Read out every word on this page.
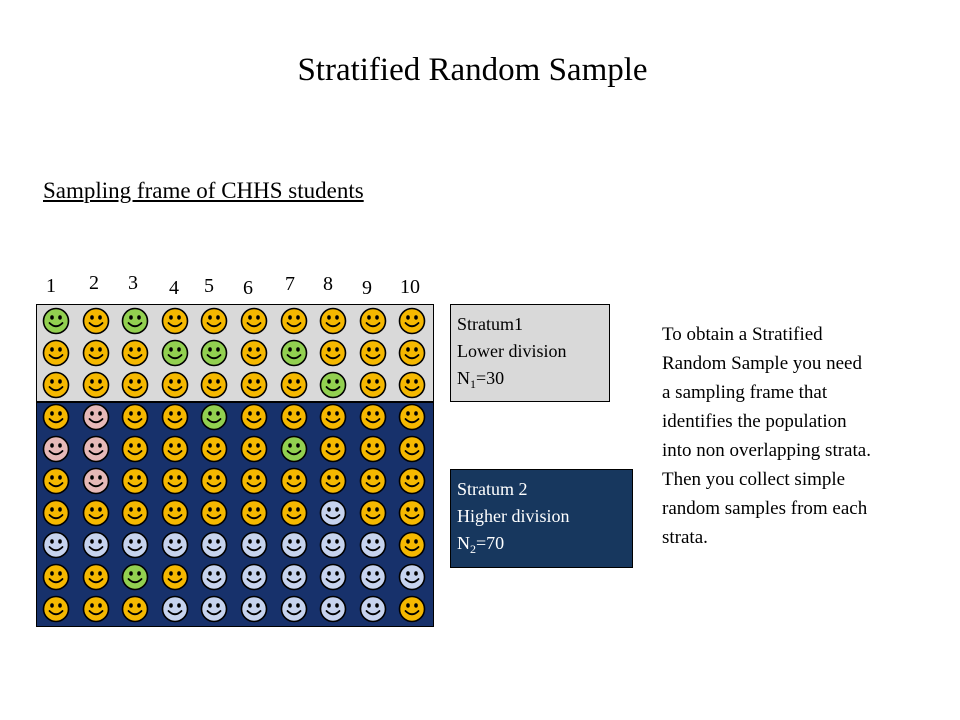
Stratified Random Sample
Sampling frame of CHHS students
1 2 3 4 5 6 7 8 9 10
Stratum1
Lower division
$N_1=30$
Stratum 2
Higher division
$N_2=70$
To obtain a Stratified
Random Sample you need
a sampling frame that
identifies the population
into non overlapping strata.
Then you collect simple
random samples from each
strata.
